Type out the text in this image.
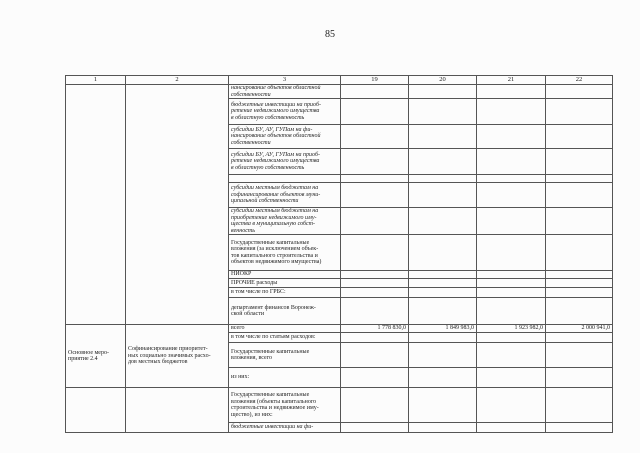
85
1	2	3	19	20	21	22

		нансирование объектов областной
собственности				

		бюджетные инвестиции на приоб-
ретение недвижимого имущества
в областную собственность				

		субсидии БУ, АУ, ГУПам на фи-
нансирование объектов областной
собственности				

		субсидии БУ, АУ, ГУПам на приоб-
ретение недвижимого имущества
в областную собственность				

		субсидии местным бюджетам на
софинансирование объектов муни-
ципальной собственности				

		субсидии местным бюджетам на
приобретение недвижимого иму-
щества в муниципальную собст-
венность				

		Государственные капитальные
вложения (за исключением объек-
тов капитального строительства и
объектов недвижимого имущества)				

		НИОКР				

		ПРОЧИЕ расходы				

		в том числе по ГРБС:				

		департамент финансов Воронеж-
ской области				

Основное меро-
приятие 2.4	Софинансирование приоритет-
ных социально значимых расхо-
дов местных бюджетов	всего	1 778 830,0	1 849 983,0	1 923 982,0	2 000 941,0

		в том числе по статьям расходов:				

		Государственные капитальные
вложения, всего				

		из них:				

		Государственные капитальные
вложения (объекты капитального
строительства и недвижимое иму-
щество), из них:				

		бюджетные инвестиции на фи-				
